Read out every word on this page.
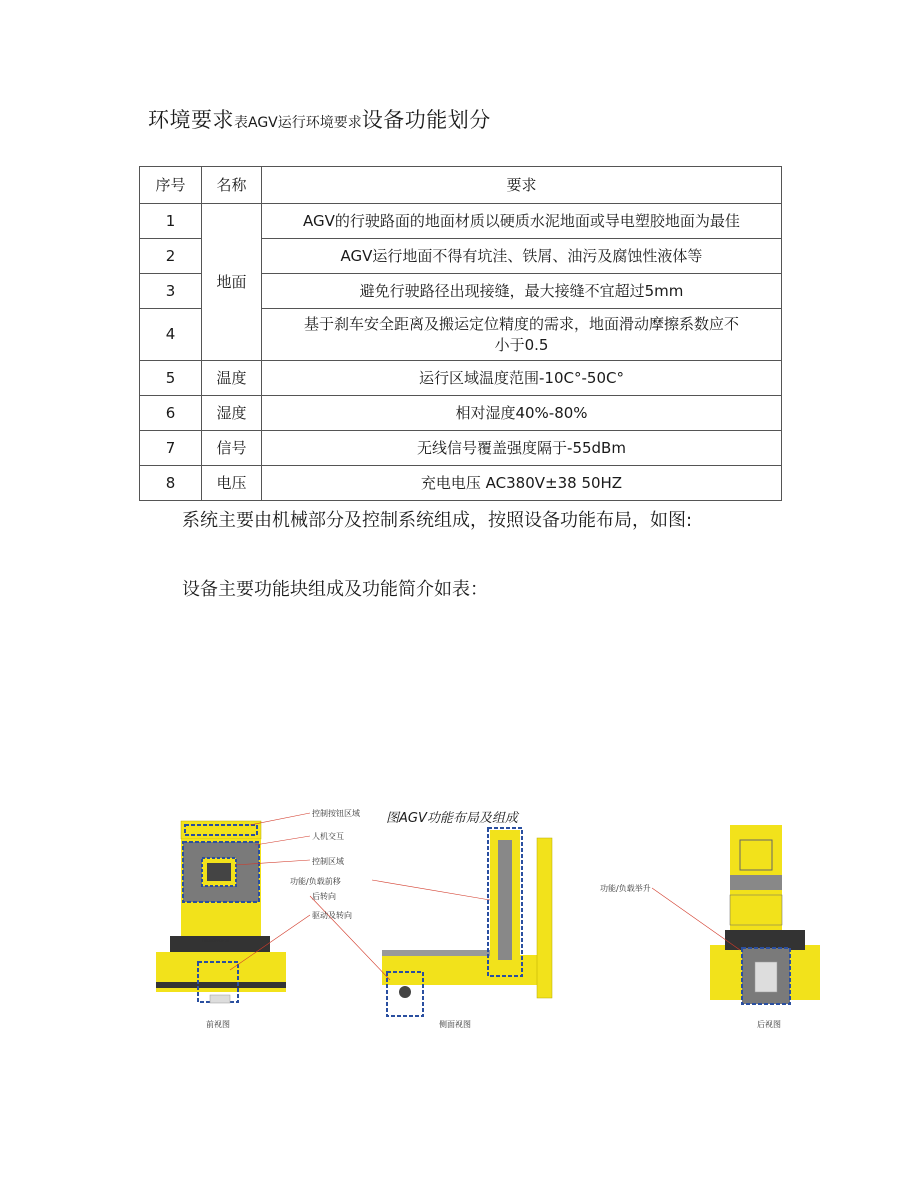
环境要求表AGV运行环境要求设备功能划分
序号	名称	要求
1	地面	AGV的行驶路面的地面材质以硬质水泥地面或导电塑胶地面为最佳
2		AGV运行地面不得有坑洼、铁屑、油污及腐蚀性液体等
3		避免行驶路径出现接缝，最大接缝不宜超过5mm
4		基于刹车安全距离及搬运定位精度的需求，地面滑动摩擦系数应不小于0.5
5	温度	运行区域温度范围-10C°-50C°
6	湿度	相对湿度40%-80%
7	信号	无线信号覆盖强度隔于-55dBm
8	电压	充电电压 AC380V±38 50HZ
系统主要由机械部分及控制系统组成，按照设备功能布局，如图:
设备主要功能块组成及功能简介如表：
图AGV功能布局及组成
BlueSword
控制按钮区域
人机交互
控制区域
功能/负载前移
后转向
驱动及转向
功能/负载举升
前视图	侧面视图	后视图
